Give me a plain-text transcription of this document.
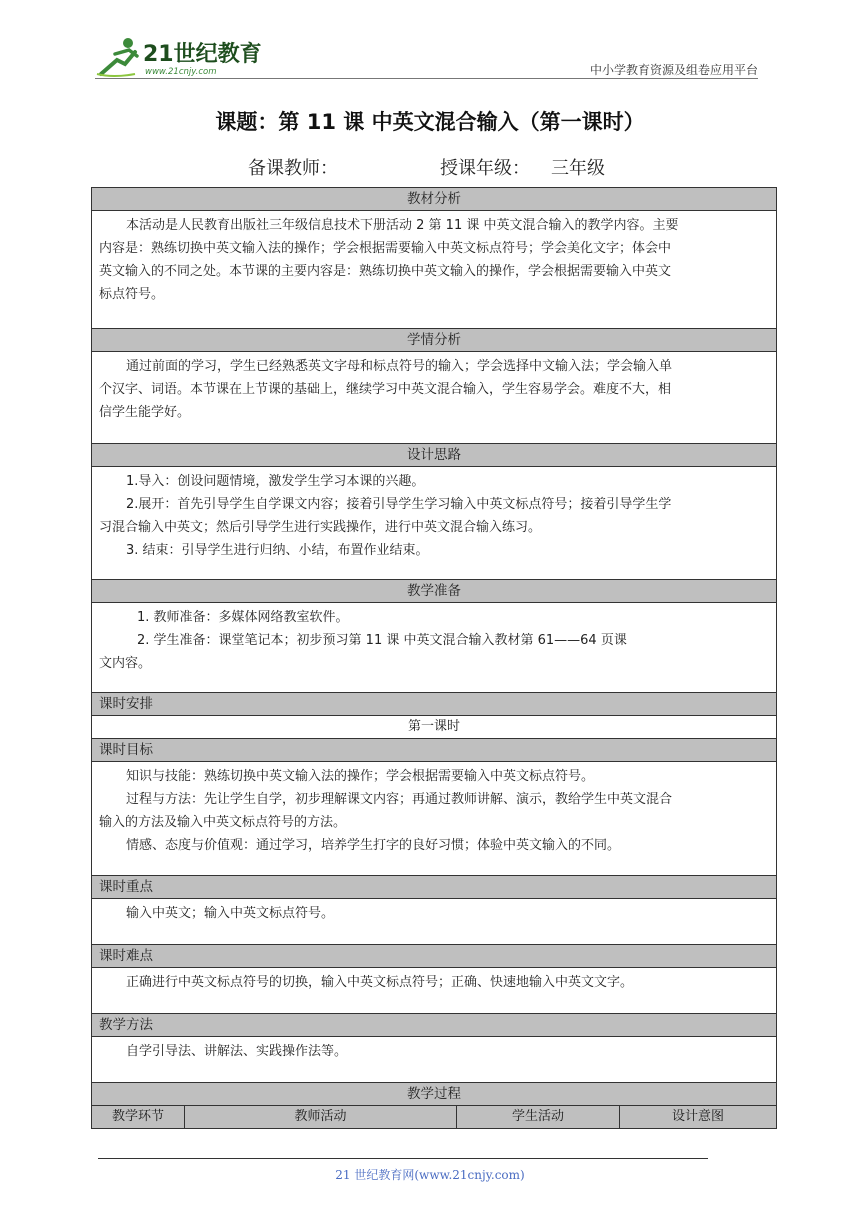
21世纪教育
www.21cnjy.com	中小学教育资源及组卷应用平台
课题：第 11 课 中英文混合输入（第一课时）
备课教师：	授课年级： 三年级
教材分析

本活动是人民教育出版社三年级信息技术下册活动 2 第 11 课 中英文混合输入的教学内容。主要

内容是：熟练切换中英文输入法的操作；学会根据需要输入中英文标点符号；学会美化文字；体会中

英文输入的不同之处。本节课的主要内容是：熟练切换中英文输入的操作，学会根据需要输入中英文

标点符号。

学情分析

通过前面的学习，学生已经熟悉英文字母和标点符号的输入；学会选择中文输入法；学会输入单

个汉字、词语。本节课在上节课的基础上，继续学习中英文混合输入，学生容易学会。难度不大，相

信学生能学好。

设计思路

1.导入：创设问题情境，激发学生学习本课的兴趣。

2.展开：首先引导学生自学课文内容；接着引导学生学习输入中英文标点符号；接着引导学生学

习混合输入中英文；然后引导学生进行实践操作，进行中英文混合输入练习。

3. 结束：引导学生进行归纳、小结，布置作业结束。

教学准备

1. 教师准备：多媒体网络教室软件。

2. 学生准备：课堂笔记本；初步预习第 11 课 中英文混合输入教材第 61——64 页课

文内容。

课时安排
第一课时
课时目标

知识与技能：熟练切换中英文输入法的操作；学会根据需要输入中英文标点符号。

过程与方法：先让学生自学，初步理解课文内容；再通过教师讲解、演示，教给学生中英文混合

输入的方法及输入中英文标点符号的方法。

情感、态度与价值观：通过学习，培养学生打字的良好习惯；体验中英文输入的不同。

课时重点

输入中英文；输入中英文标点符号。

课时难点

正确进行中英文标点符号的切换，输入中英文标点符号；正确、快速地输入中英文文字。

教学方法

自学引导法、讲解法、实践操作法等。

教学过程
教学环节	教师活动	学生活动	设计意图
21 世纪教育网(www.21cnjy.com)
